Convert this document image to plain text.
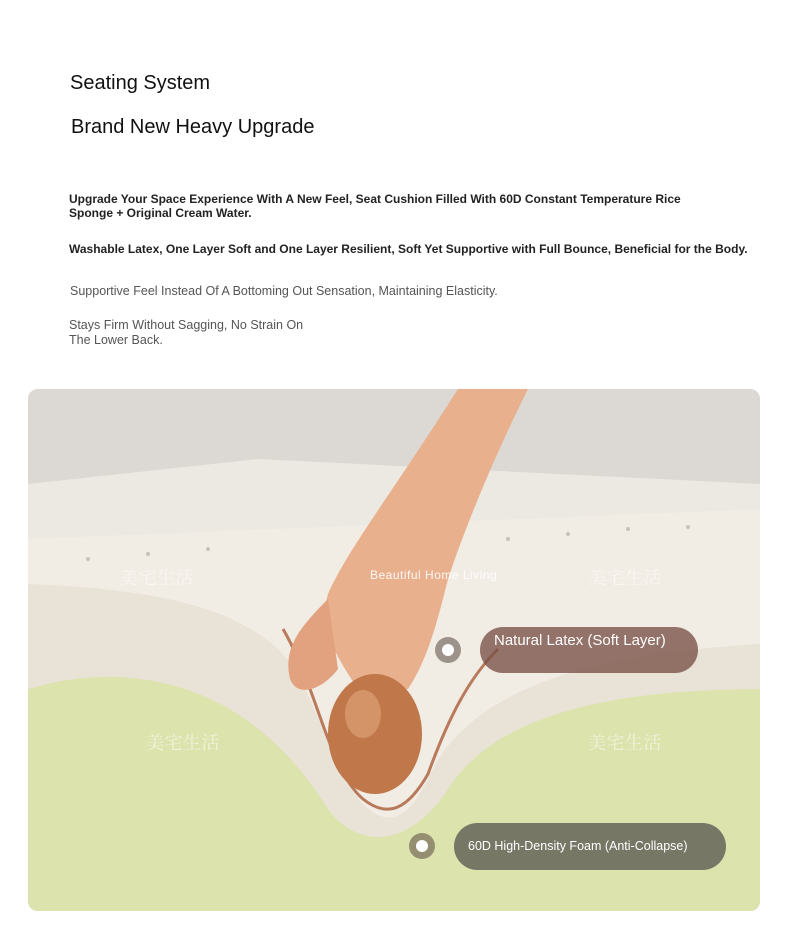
Seating System
Brand New Heavy Upgrade

Upgrade Your Space Experience With A New Feel, Seat Cushion Filled With 60D Constant Temperature Rice Sponge + Original Cream Water.

Washable Latex, One Layer Soft and One Layer Resilient, Soft Yet Supportive with Full Bounce, Beneficial for the Body.

Supportive Feel Instead Of A Bottoming Out Sensation, Maintaining Elasticity.

Stays Firm Without Sagging, No Strain On The Lower Back.

Beautiful Home Living
美宅生活	美宅生活
美宅生活	美宅生活
Natural Latex (Soft Layer)
60D High-Density Foam (Anti-Collapse)
